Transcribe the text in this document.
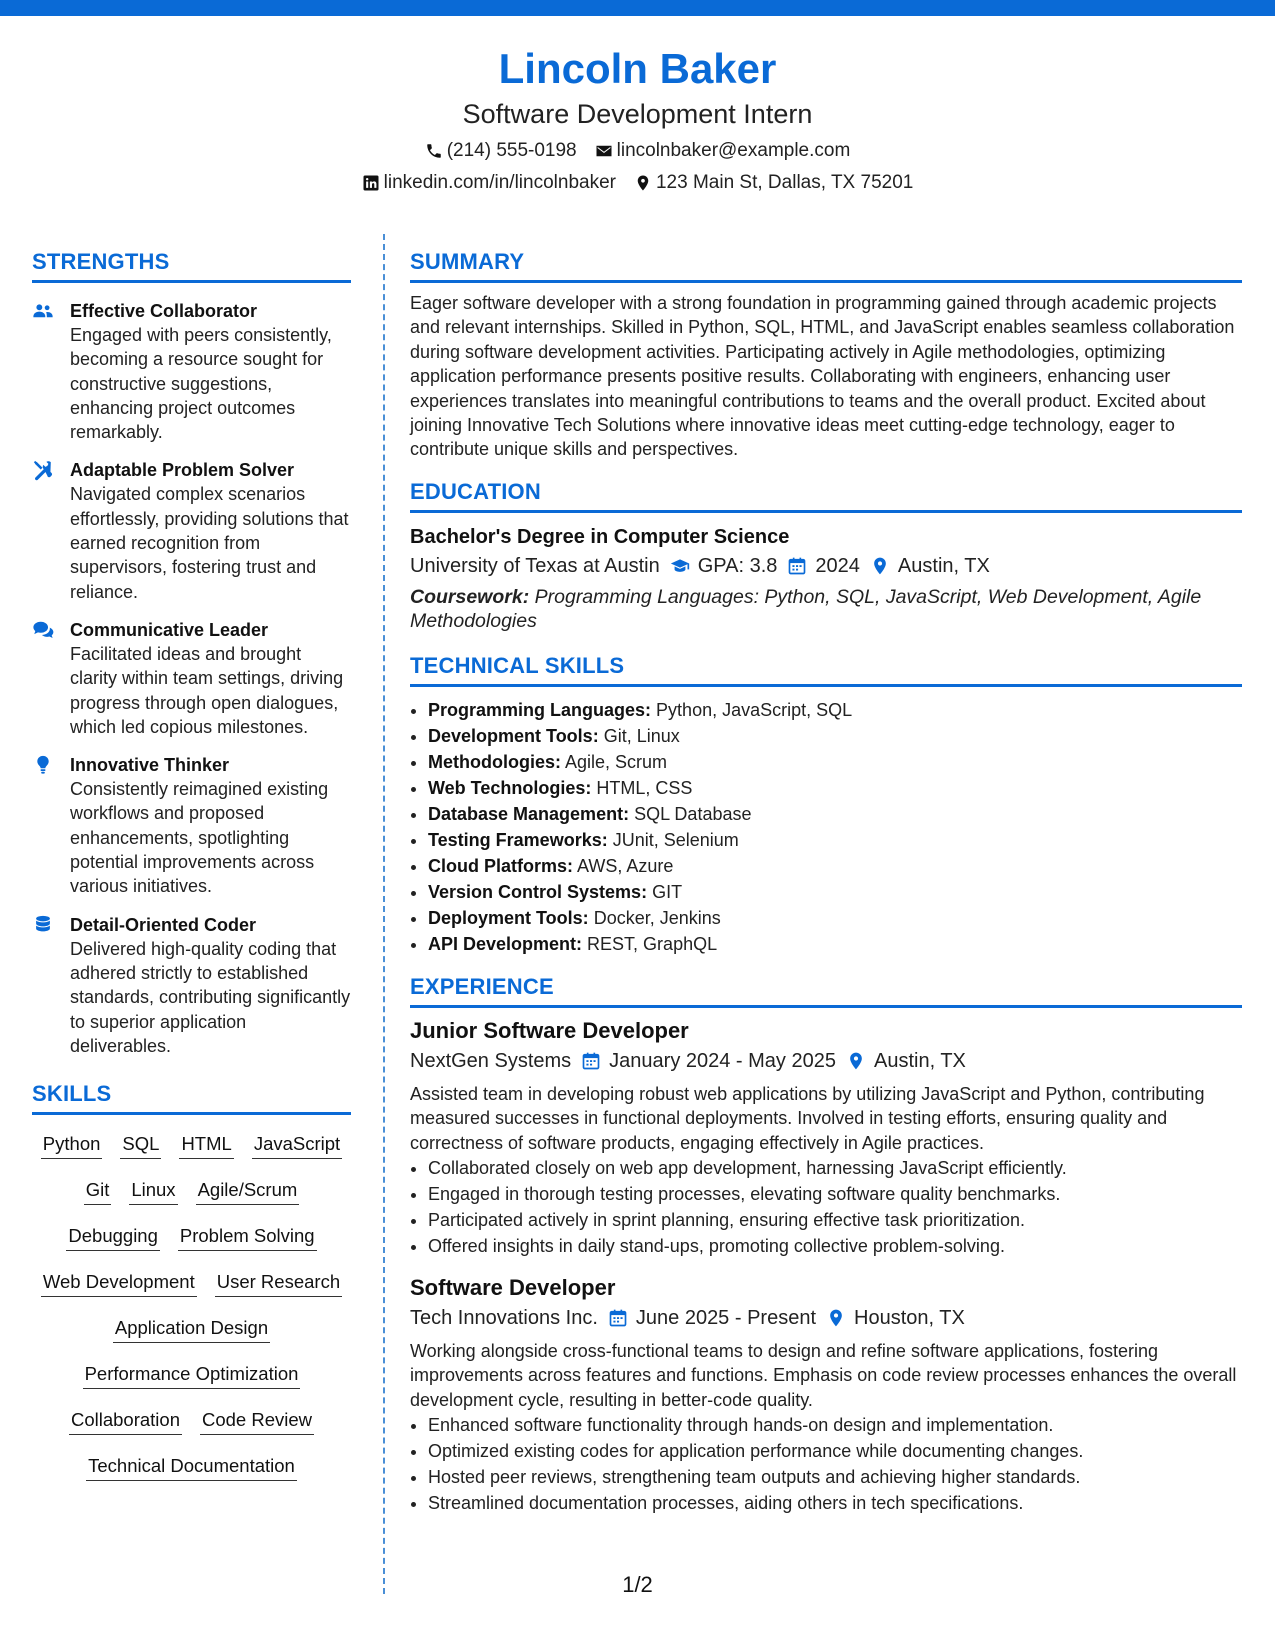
Lincoln Baker
Software Development Intern
(214) 555-0198 lincolnbaker@example.com
linkedin.com/in/lincolnbaker 123 Main St, Dallas, TX 75201
STRENGTHS
Effective Collaborator
Engaged with peers consistently, becoming a resource sought for constructive suggestions, enhancing project outcomes remarkably.
Adaptable Problem Solver
Navigated complex scenarios effortlessly, providing solutions that earned recognition from supervisors, fostering trust and reliance.
Communicative Leader
Facilitated ideas and brought clarity within team settings, driving progress through open dialogues, which led copious milestones.
Innovative Thinker
Consistently reimagined existing workflows and proposed enhancements, spotlighting potential improvements across various initiatives.
Detail-Oriented Coder
Delivered high-quality coding that adhered strictly to established standards, contributing significantly to superior application deliverables.
SKILLS
Python SQL HTML JavaScript
Git Linux Agile/Scrum
Debugging Problem Solving
Web Development User Research
Application Design
Performance Optimization
Collaboration Code Review
Technical Documentation
SUMMARY
Eager software developer with a strong foundation in programming gained through academic projects and relevant internships. Skilled in Python, SQL, HTML, and JavaScript enables seamless collaboration during software development activities. Participating actively in Agile methodologies, optimizing application performance presents positive results. Collaborating with engineers, enhancing user experiences translates into meaningful contributions to teams and the overall product. Excited about joining Innovative Tech Solutions where innovative ideas meet cutting-edge technology, eager to contribute unique skills and perspectives.
EDUCATION
Bachelor's Degree in Computer Science
University of Texas at Austin GPA: 3.8 2024 Austin, TX
Coursework: Programming Languages: Python, SQL, JavaScript, Web Development, Agile Methodologies
TECHNICAL SKILLS
• Programming Languages: Python, JavaScript, SQL
• Development Tools: Git, Linux
• Methodologies: Agile, Scrum
• Web Technologies: HTML, CSS
• Database Management: SQL Database
• Testing Frameworks: JUnit, Selenium
• Cloud Platforms: AWS, Azure
• Version Control Systems: GIT
• Deployment Tools: Docker, Jenkins
• API Development: REST, GraphQL
EXPERIENCE
Junior Software Developer
NextGen Systems January 2024 - May 2025 Austin, TX
Assisted team in developing robust web applications by utilizing JavaScript and Python, contributing measured successes in functional deployments. Involved in testing efforts, ensuring quality and correctness of software products, engaging effectively in Agile practices.
• Collaborated closely on web app development, harnessing JavaScript efficiently.
• Engaged in thorough testing processes, elevating software quality benchmarks.
• Participated actively in sprint planning, ensuring effective task prioritization.
• Offered insights in daily stand-ups, promoting collective problem-solving.
Software Developer
Tech Innovations Inc. June 2025 - Present Houston, TX
Working alongside cross-functional teams to design and refine software applications, fostering improvements across features and functions. Emphasis on code review processes enhances the overall development cycle, resulting in better-code quality.
• Enhanced software functionality through hands-on design and implementation.
• Optimized existing codes for application performance while documenting changes.
• Hosted peer reviews, strengthening team outputs and achieving higher standards.
• Streamlined documentation processes, aiding others in tech specifications.
1/2
